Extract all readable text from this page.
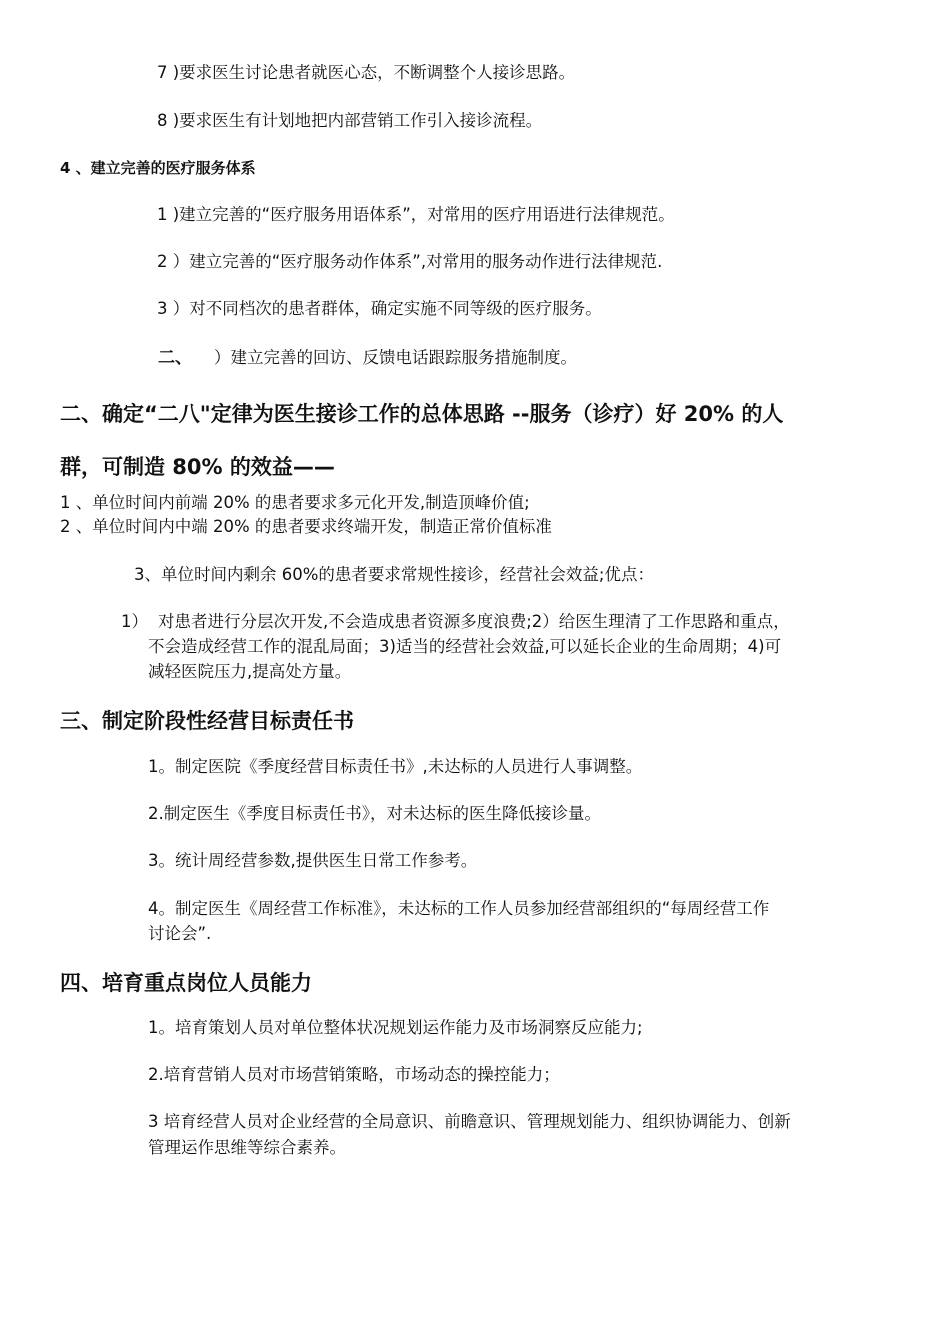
7 )要求医生讨论患者就医心态，不断调整个人接诊思路。
8 )要求医生有计划地把内部营销工作引入接诊流程。
4 、建立完善的医疗服务体系
1 )建立完善的“医疗服务用语体系”，对常用的医疗用语进行法律规范。
2 ）建立完善的“医疗服务动作体系”,对常用的服务动作进行法律规范.
3 ）对不同档次的患者群体，确定实施不同等级的医疗服务。
二、 ）建立完善的回访、反馈电话跟踪服务措施制度。
二、确定“二八"定律为医生接诊工作的总体思路 --服务（诊疗）好 20% 的人
群，可制造 80% 的效益——
1 、单位时间内前端 20% 的患者要求多元化开发,制造顶峰价值;
2 、单位时间内中端 20% 的患者要求终端开发，制造正常价值标准
3、单位时间内剩余 60%的患者要求常规性接诊，经营社会效益;优点：
1） 对患者进行分层次开发,不会造成患者资源多度浪费;2）给医生理清了工作思路和重点，
不会造成经营工作的混乱局面；3)适当的经营社会效益,可以延长企业的生命周期；4)可
减轻医院压力,提高处方量。
三、制定阶段性经营目标责任书
1。制定医院《季度经营目标责任书》,未达标的人员进行人事调整。
2.制定医生《季度目标责任书》，对未达标的医生降低接诊量。
3。统计周经营参数,提供医生日常工作参考。
4。制定医生《周经营工作标准》，未达标的工作人员参加经营部组织的“每周经营工作
讨论会”.
四、培育重点岗位人员能力
1。培育策划人员对单位整体状况规划运作能力及市场洞察反应能力;
2.培育营销人员对市场营销策略，市场动态的操控能力；
3 培育经营人员对企业经营的全局意识、前瞻意识、管理规划能力、组织协调能力、创新
管理运作思维等综合素养。
